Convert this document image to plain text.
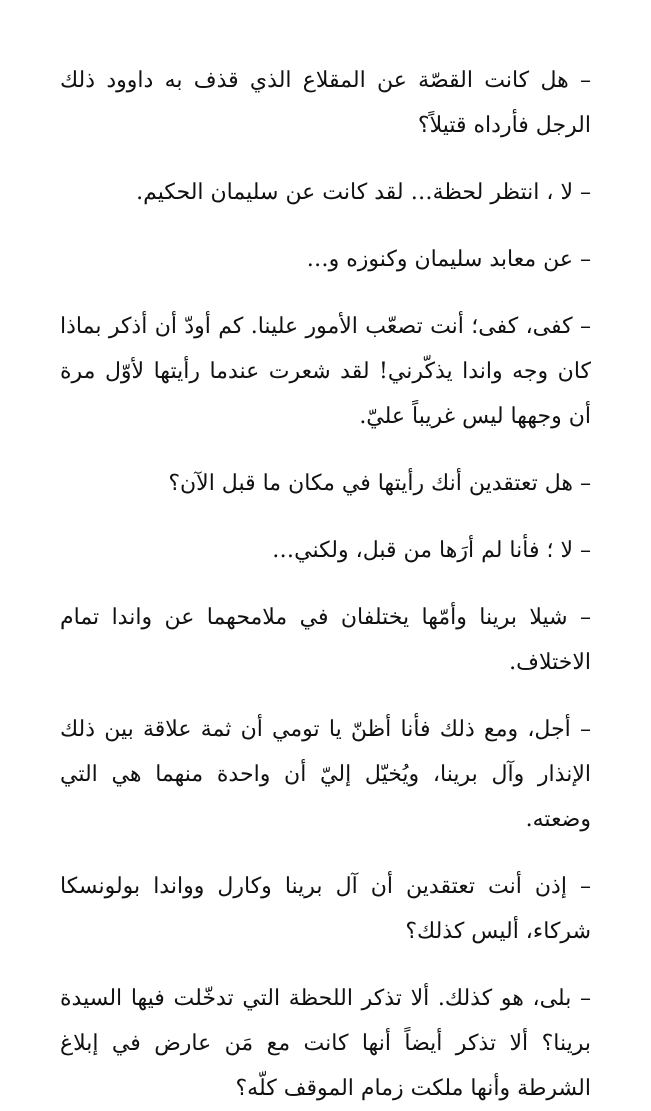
– هل كانت القصّة عن المقلاع الذي قذف به داوود ذلك الرجل فأرداه قتيلاً؟

– لا ، انتظر لحظة… لقد كانت عن سليمان الحكيم.

– عن معابد سليمان وكنوزه و…

– كفى، كفى؛ أنت تصعّب الأمور علينا. كم أودّ أن أذكر بماذا كان وجه واندا يذكّرني! لقد شعرت عندما رأيتها لأوّل مرة أن وجهها ليس غريباً عليّ.

– هل تعتقدين أنك رأيتها في مكان ما قبل الآن؟

– لا ؛ فأنا لم أرَها من قبل، ولكني…

– شيلا برينا وأمّها يختلفان في ملامحهما عن واندا تمام الاختلاف.

– أجل، ومع ذلك فأنا أظنّ يا تومي أن ثمة علاقة بين ذلك الإنذار وآل برينا، ويُخيّل إليّ أن واحدة منهما هي التي وضعته.

– إذن أنت تعتقدين أن آل برينا وكارل وواندا بولونسكا شركاء، أليس كذلك؟

– بلى، هو كذلك. ألا تذكر اللحظة التي تدخّلت فيها السيدة برينا؟ ألا تذكر أيضاً أنها كانت مع مَن عارض في إبلاغ الشرطة وأنها ملكت زمام الموقف كلّه؟
